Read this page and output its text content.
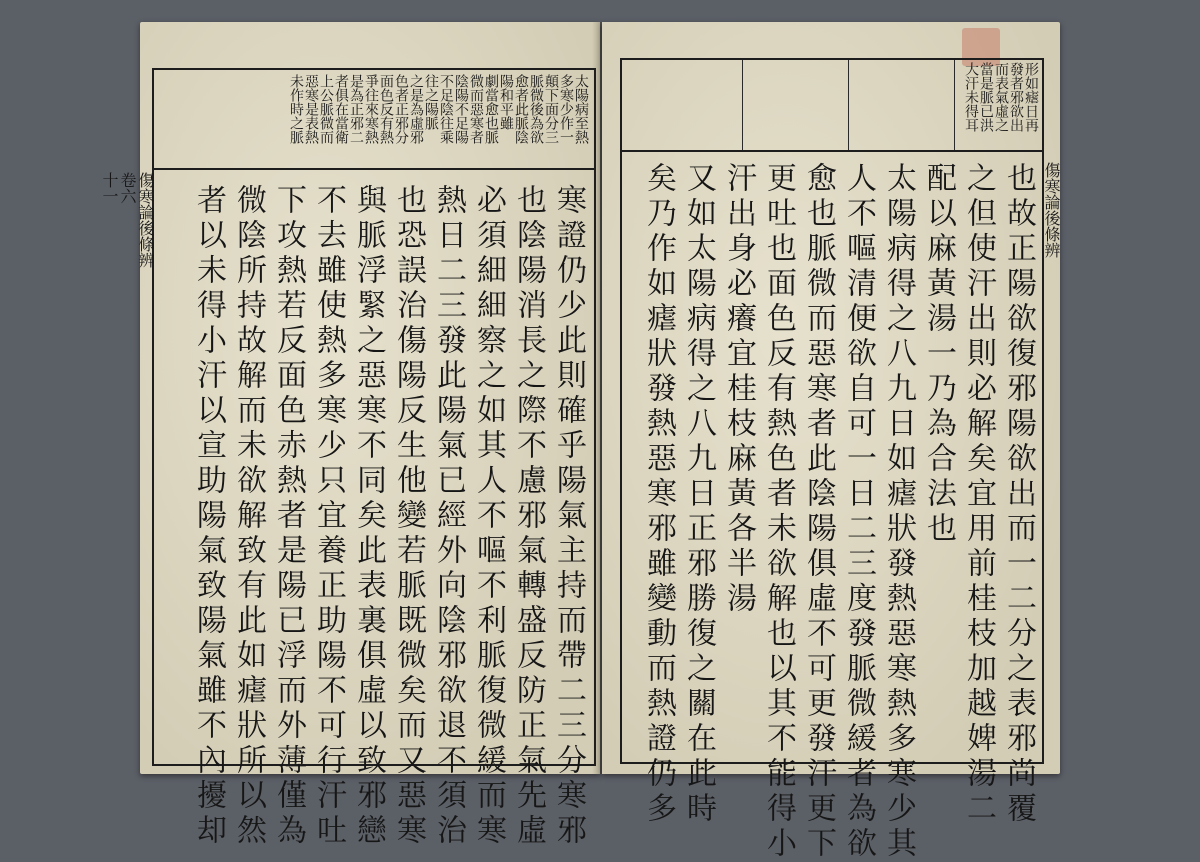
太陽病至熱
多寒少作一
顛下面分三
脈微後為欲
愈者此脈陰
陽和平雖
劇當愈也脈
微而惡寒者
陰陽不足陽
不足陰往乘
往之陽脈
之是為虛邪
色者正邪分
面色反有熱
爭往來寒熱
是為正邪二
者俱在當衛
上公脈微而
惡寒是表熱
未作時之脈
寒證仍少此則確乎陽氣主持而帶二三分寒邪
也陰陽消長之際不慮邪氣轉盛反防正氣先虛
必須細細察之如其人不嘔不利脈復微緩而寒
熱日二三發此陽氣已經外向陰邪欲退不須治
也恐誤治傷陽反生他變若脈既微矣而又惡寒
與脈浮緊之惡寒不同矣此表裏俱虛以致邪戀
不去雖使熱多寒少只宜養正助陽不可行汗吐
下攻熱若反面色赤熱者是陽已浮而外薄僅為
微陰所持故解而未欲解致有此如瘧狀所以然
者以未得小汗以宣助陽氣致陽氣雖不內擾却
傷寒論後條辨
卷六
十一
形如瘧日再
發者邪欲出
而表氣虛之
當是脈已洪
大汗未得耳
也故正陽欲復邪陽欲出而一二分之表邪尚覆
之但使汗出則必解矣宜用前桂枝加越婢湯二
配以麻黃湯一乃為合法也
太陽病得之八九日如瘧狀發熱惡寒熱多寒少其
人不嘔清便欲自可一日二三度發脈微緩者為欲
愈也脈微而惡寒者此陰陽俱虛不可更發汗更下
更吐也面色反有熱色者未欲解也以其不能得小
汗出身必癢宜桂枝麻黃各半湯
又如太陽病得之八九日正邪勝復之關在此時
矣乃作如瘧狀發熱惡寒邪雖變動而熱證仍多	傷寒論後條辨
